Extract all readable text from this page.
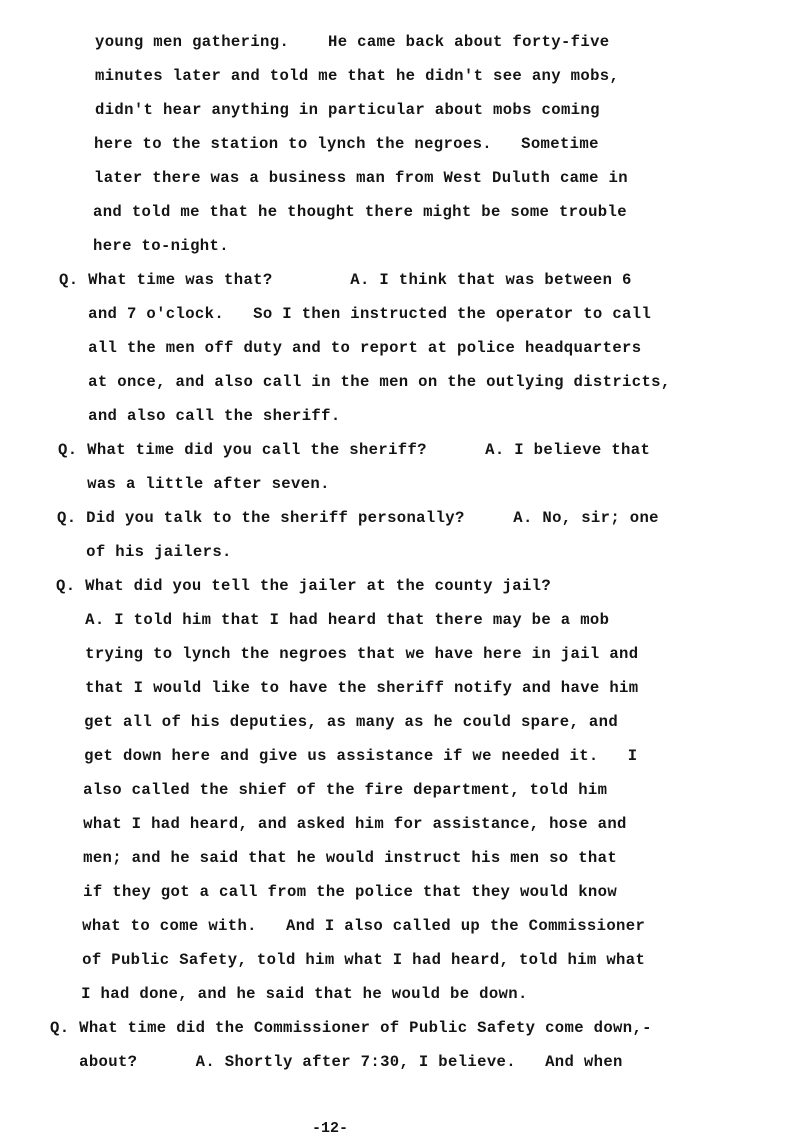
young men gathering.    He came back about forty-five
minutes later and told me that he didn't see any mobs,
didn't hear anything in particular about mobs coming
here to the station to lynch the negroes.   Sometime
later there was a business man from West Duluth came in
and told me that he thought there might be some trouble
here to-night.
Q. What time was that?        A. I think that was between 6
and 7 o'clock.   So I then instructed the operator to call
all the men off duty and to report at police headquarters
at once, and also call in the men on the outlying districts,
and also call the sheriff.
Q. What time did you call the sheriff?      A. I believe that
was a little after seven.
Q. Did you talk to the sheriff personally?     A. No, sir; one
of his jailers.
Q. What did you tell the jailer at the county jail?
A. I told him that I had heard that there may be a mob
trying to lynch the negroes that we have here in jail and
that I would like to have the sheriff notify and have him
get all of his deputies, as many as he could spare, and
get down here and give us assistance if we needed it.   I
also called the shief of the fire department, told him
what I had heard, and asked him for assistance, hose and
men; and he said that he would instruct his men so that
if they got a call from the police that they would know
what to come with.   And I also called up the Commissioner
of Public Safety, told him what I had heard, told him what
I had done, and he said that he would be down.
Q. What time did the Commissioner of Public Safety come down,-
about?      A. Shortly after 7:30, I believe.   And when
-12-
